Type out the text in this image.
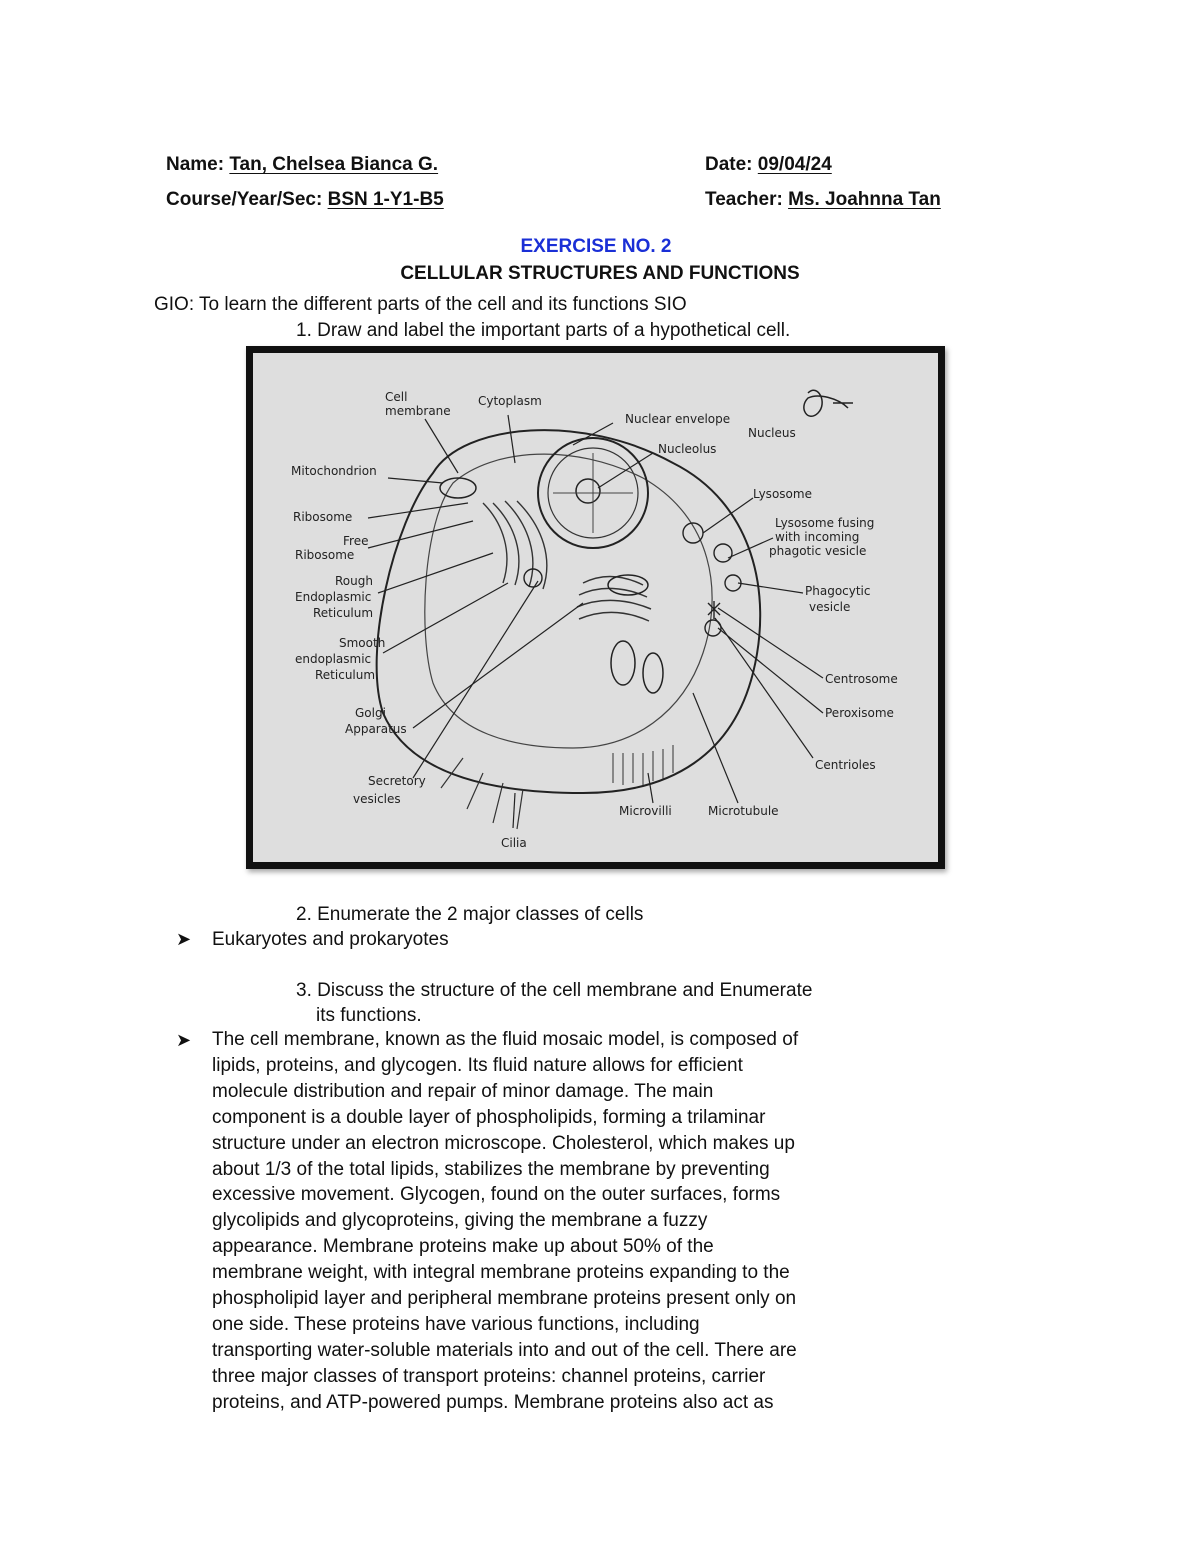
Name: Tan, Chelsea Bianca G.	Date: 09/04/24
Course/Year/Sec: BSN 1-Y1-B5	Teacher: Ms. Joahnna Tan
EXERCISE NO. 2
CELLULAR STRUCTURES AND FUNCTIONS
GIO: To learn the different parts of the cell and its functions SIO
1. Draw and label the important parts of a hypothetical cell.
Cell
membrane
Cytoplasm
Nuclear envelope
Nucleolus
Nucleus
Mitochondrion
Ribosome
Free
Ribosome
Rough
Endoplasmic
Reticulum
Smooth
endoplasmic
Reticulum
Golgi
Apparatus
Secretory
vesicles
Lysosome
Lysosome fusing
with incoming
phagotic vesicle
Phagocytic
vesicle
Centrosome
Peroxisome
Centrioles
Microvilli	Microtubule
Cilia
2. Enumerate the 2 major classes of cells
➤ Eukaryotes and prokaryotes
3. Discuss the structure of the cell membrane and Enumerate
its functions.
➤ The cell membrane, known as the fluid mosaic model, is composed of

lipids, proteins, and glycogen. Its fluid nature allows for efficient

molecule distribution and repair of minor damage. The main

component is a double layer of phospholipids, forming a trilaminar

structure under an electron microscope. Cholesterol, which makes up

about 1/3 of the total lipids, stabilizes the membrane by preventing

excessive movement. Glycogen, found on the outer surfaces, forms

glycolipids and glycoproteins, giving the membrane a fuzzy

appearance. Membrane proteins make up about 50% of the

membrane weight, with integral membrane proteins expanding to the

phospholipid layer and peripheral membrane proteins present only on

one side. These proteins have various functions, including

transporting water-soluble materials into and out of the cell. There are

three major classes of transport proteins: channel proteins, carrier

proteins, and ATP-powered pumps. Membrane proteins also act as
